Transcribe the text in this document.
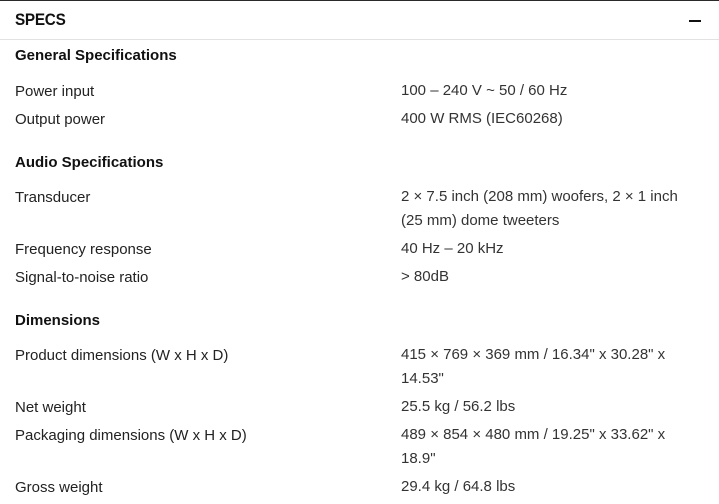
SPECS
General Specifications
Power input	100 – 240 V ~ 50 / 60 Hz
Output power	400 W RMS (IEC60268)
Audio Specifications
Transducer	2 × 7.5 inch (208 mm) woofers, 2 × 1 inch (25 mm) dome tweeters
Frequency response	40 Hz – 20 kHz
Signal-to-noise ratio	> 80dB
Dimensions
Product dimensions (W x H x D)	415 × 769 × 369 mm / 16.34" x 30.28" x 14.53"
Net weight	25.5 kg / 56.2 lbs
Packaging dimensions (W x H x D)	489 × 854 × 480 mm / 19.25" x 33.62" x 18.9"
Gross weight	29.4 kg / 64.8 lbs
